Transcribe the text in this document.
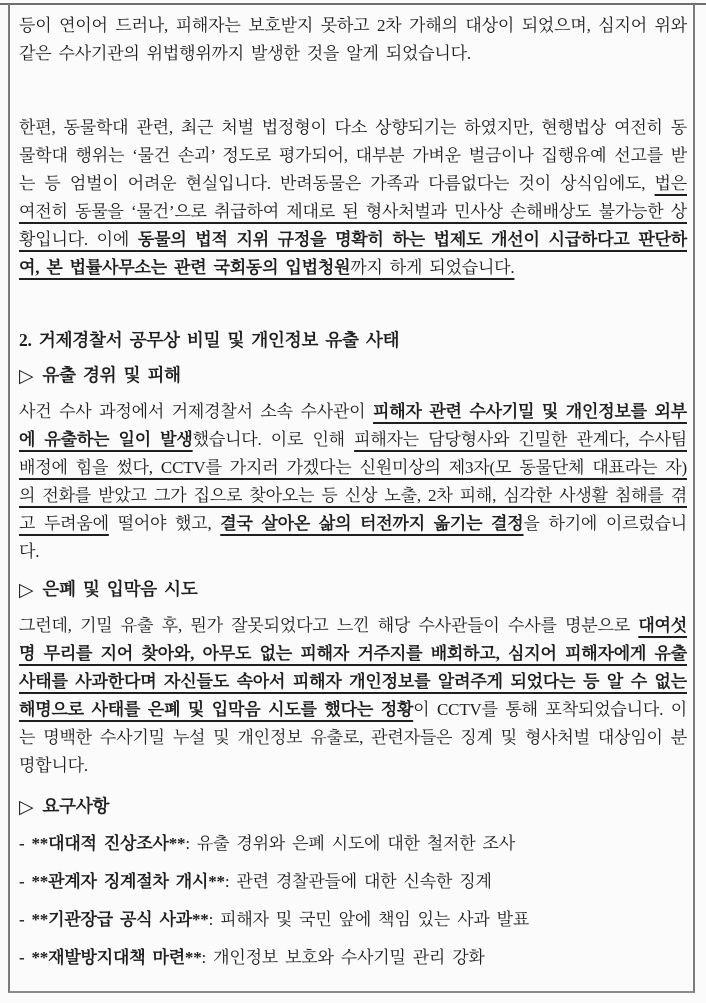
등이 연이어 드러나, 피해자는 보호받지 못하고 2차 가해의 대상이 되었으며, 심지어 위와 같은 수사기관의 위법행위까지 발생한 것을 알게 되었습니다.
한편, 동물학대 관련, 최근 처벌 법정형이 다소 상향되기는 하였지만, 현행법상 여전히 동물학대 행위는 ‘물건 손괴’ 정도로 평가되어, 대부분 가벼운 벌금이나 집행유예 선고를 받는 등 엄벌이 어려운 현실입니다. 반려동물은 가족과 다름없다는 것이 상식임에도, 법은 여전히 동물을 ‘물건’으로 취급하여 제대로 된 형사처벌과 민사상 손해배상도 불가능한 상황입니다. 이에 동물의 법적 지위 규정을 명확히 하는 법제도 개선이 시급하다고 판단하여, 본 법률사무소는 관련 국회동의 입법청원까지 하게 되었습니다.
2. 거제경찰서 공무상 비밀 및 개인정보 유출 사태
▷ 유출 경위 및 피해
사건 수사 과정에서 거제경찰서 소속 수사관이 피해자 관련 수사기밀 및 개인정보를 외부에 유출하는 일이 발생했습니다. 이로 인해 피해자는 담당형사와 긴밀한 관계다, 수사팀 배정에 힘을 썼다, CCTV를 가지러 가겠다는 신원미상의 제3자(모 동물단체 대표라는 자)의 전화를 받았고 그가 집으로 찾아오는 등 신상 노출, 2차 피해, 심각한 사생활 침해를 겪고 두려움에 떨어야 했고, 결국 살아온 삶의 터전까지 옮기는 결정을 하기에 이르렀습니다.
▷ 은폐 및 입막음 시도
그런데, 기밀 유출 후, 뭔가 잘못되었다고 느낀 해당 수사관들이 수사를 명분으로 대여섯명 무리를 지어 찾아와, 아무도 없는 피해자 거주지를 배회하고, 심지어 피해자에게 유출사태를 사과한다며 자신들도 속아서 피해자 개인정보를 알려주게 되었다는 등 알 수 없는 해명으로 사태를 은폐 및 입막음 시도를 했다는 정황이 CCTV를 통해 포착되었습니다. 이는 명백한 수사기밀 누설 및 개인정보 유출로, 관련자들은 징계 및 형사처벌 대상임이 분명합니다.
▷ 요구사항
- **대대적 진상조사**: 유출 경위와 은폐 시도에 대한 철저한 조사
- **관계자 징계절차 개시**: 관련 경찰관들에 대한 신속한 징계
- **기관장급 공식 사과**: 피해자 및 국민 앞에 책임 있는 사과 발표
- **재발방지대책 마련**: 개인정보 보호와 수사기밀 관리 강화
